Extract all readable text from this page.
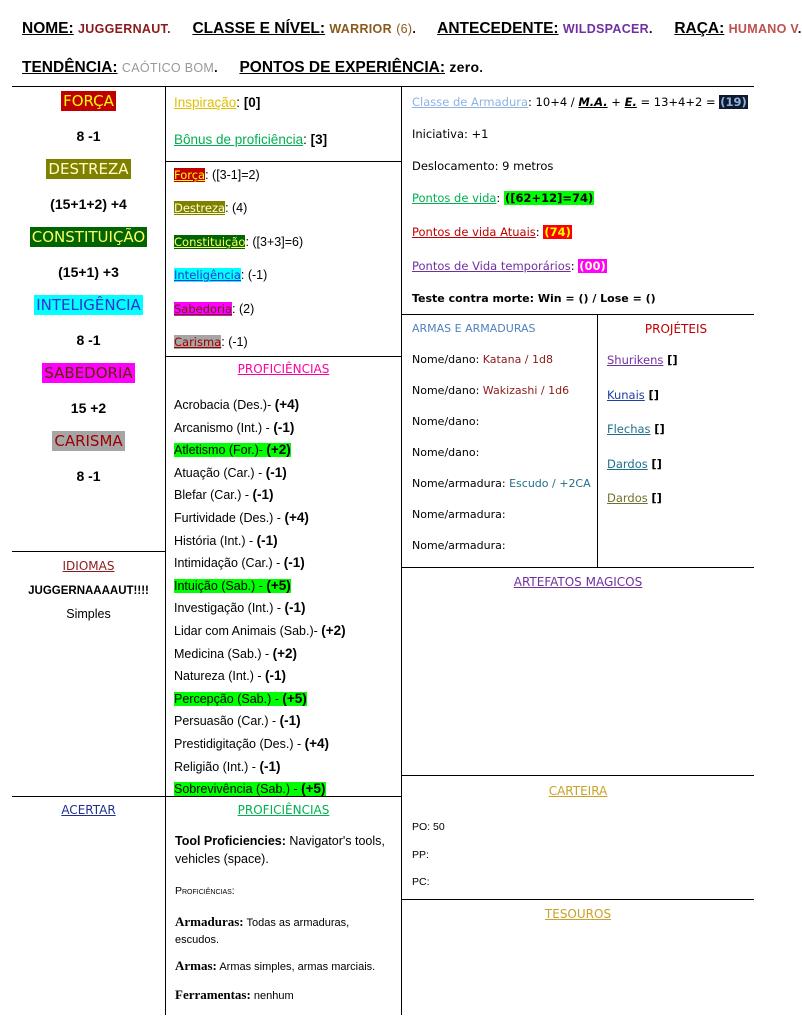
NOME: JUGGERNAUT. CLASSE E NÍVEL: WARRIOR (6). ANTECEDENTE: WILDSPACER. RAÇA: HUMANO V.
TENDÊNCIA: CAÓTICO BOM. PONTOS DE EXPERIÊNCIA: zero.
FORÇA
8 -1
DESTREZA
(15+1+2) +4
CONSTITUIÇÃO
(15+1) +3
INTELIGÊNCIA
8 -1
SABEDORIA
15 +2
CARISMA
8 -1
IDIOMAS
JUGGERNAAAAUT!!!!
Simples
ACERTAR
Inspiração: [0]
Bônus de proficiência: [3]
Força: ([3-1]=2)
Destreza: (4)
Constituição: ([3+3]=6)
Inteligência: (-1)
Sabedoria: (2)
Carisma: (-1)
PROFICIÊNCIAS
Acrobacia (Des.)- (+4)
Arcanismo (Int.) - (-1)
Atletismo (For.)- (+2)
Atuação (Car.) - (-1)
Blefar (Car.) - (-1)
Furtividade (Des.) - (+4)
História (Int.) - (-1)
Intimidação (Car.) - (-1)
Intuição (Sab.) - (+5)
Investigação (Int.) - (-1)
Lidar com Animais (Sab.)- (+2)
Medicina (Sab.) - (+2)
Natureza (Int.) - (-1)
Percepção (Sab.) - (+5)
Persuasão (Car.) - (-1)
Prestidigitação (Des.) - (+4)
Religião (Int.) - (-1)
Sobrevivência (Sab.) - (+5)
PROFICIÊNCIAS
Tool Proficiencies: Navigator's tools, vehicles (space).
Proficiências:
Armaduras: Todas as armaduras, escudos.
Armas: Armas simples, armas marciais.
Ferramentas: nenhum
Classe de Armadura: 10+4 / M.A. + E. = 13+4+2 = (19)
Iniciativa: +1
Deslocamento: 9 metros
Pontos de vida: ([62+12]=74)
Pontos de vida Atuais: (74)
Pontos de Vida temporários: (00)
Teste contra morte: Win = () / Lose = ()
ARMAS E ARMADURAS
Nome/dano: Katana / 1d8
Nome/dano: Wakizashi / 1d6
Nome/dano:
Nome/dano:
Nome/armadura: Escudo / +2CA
Nome/armadura:
Nome/armadura:
PROJÉTEIS
Shurikens []
Kunais []
Flechas []
Dardos []
Dardos []
ARTEFATOS MAGICOS
CARTEIRA
PO: 50
PP:
PC:
TESOUROS
